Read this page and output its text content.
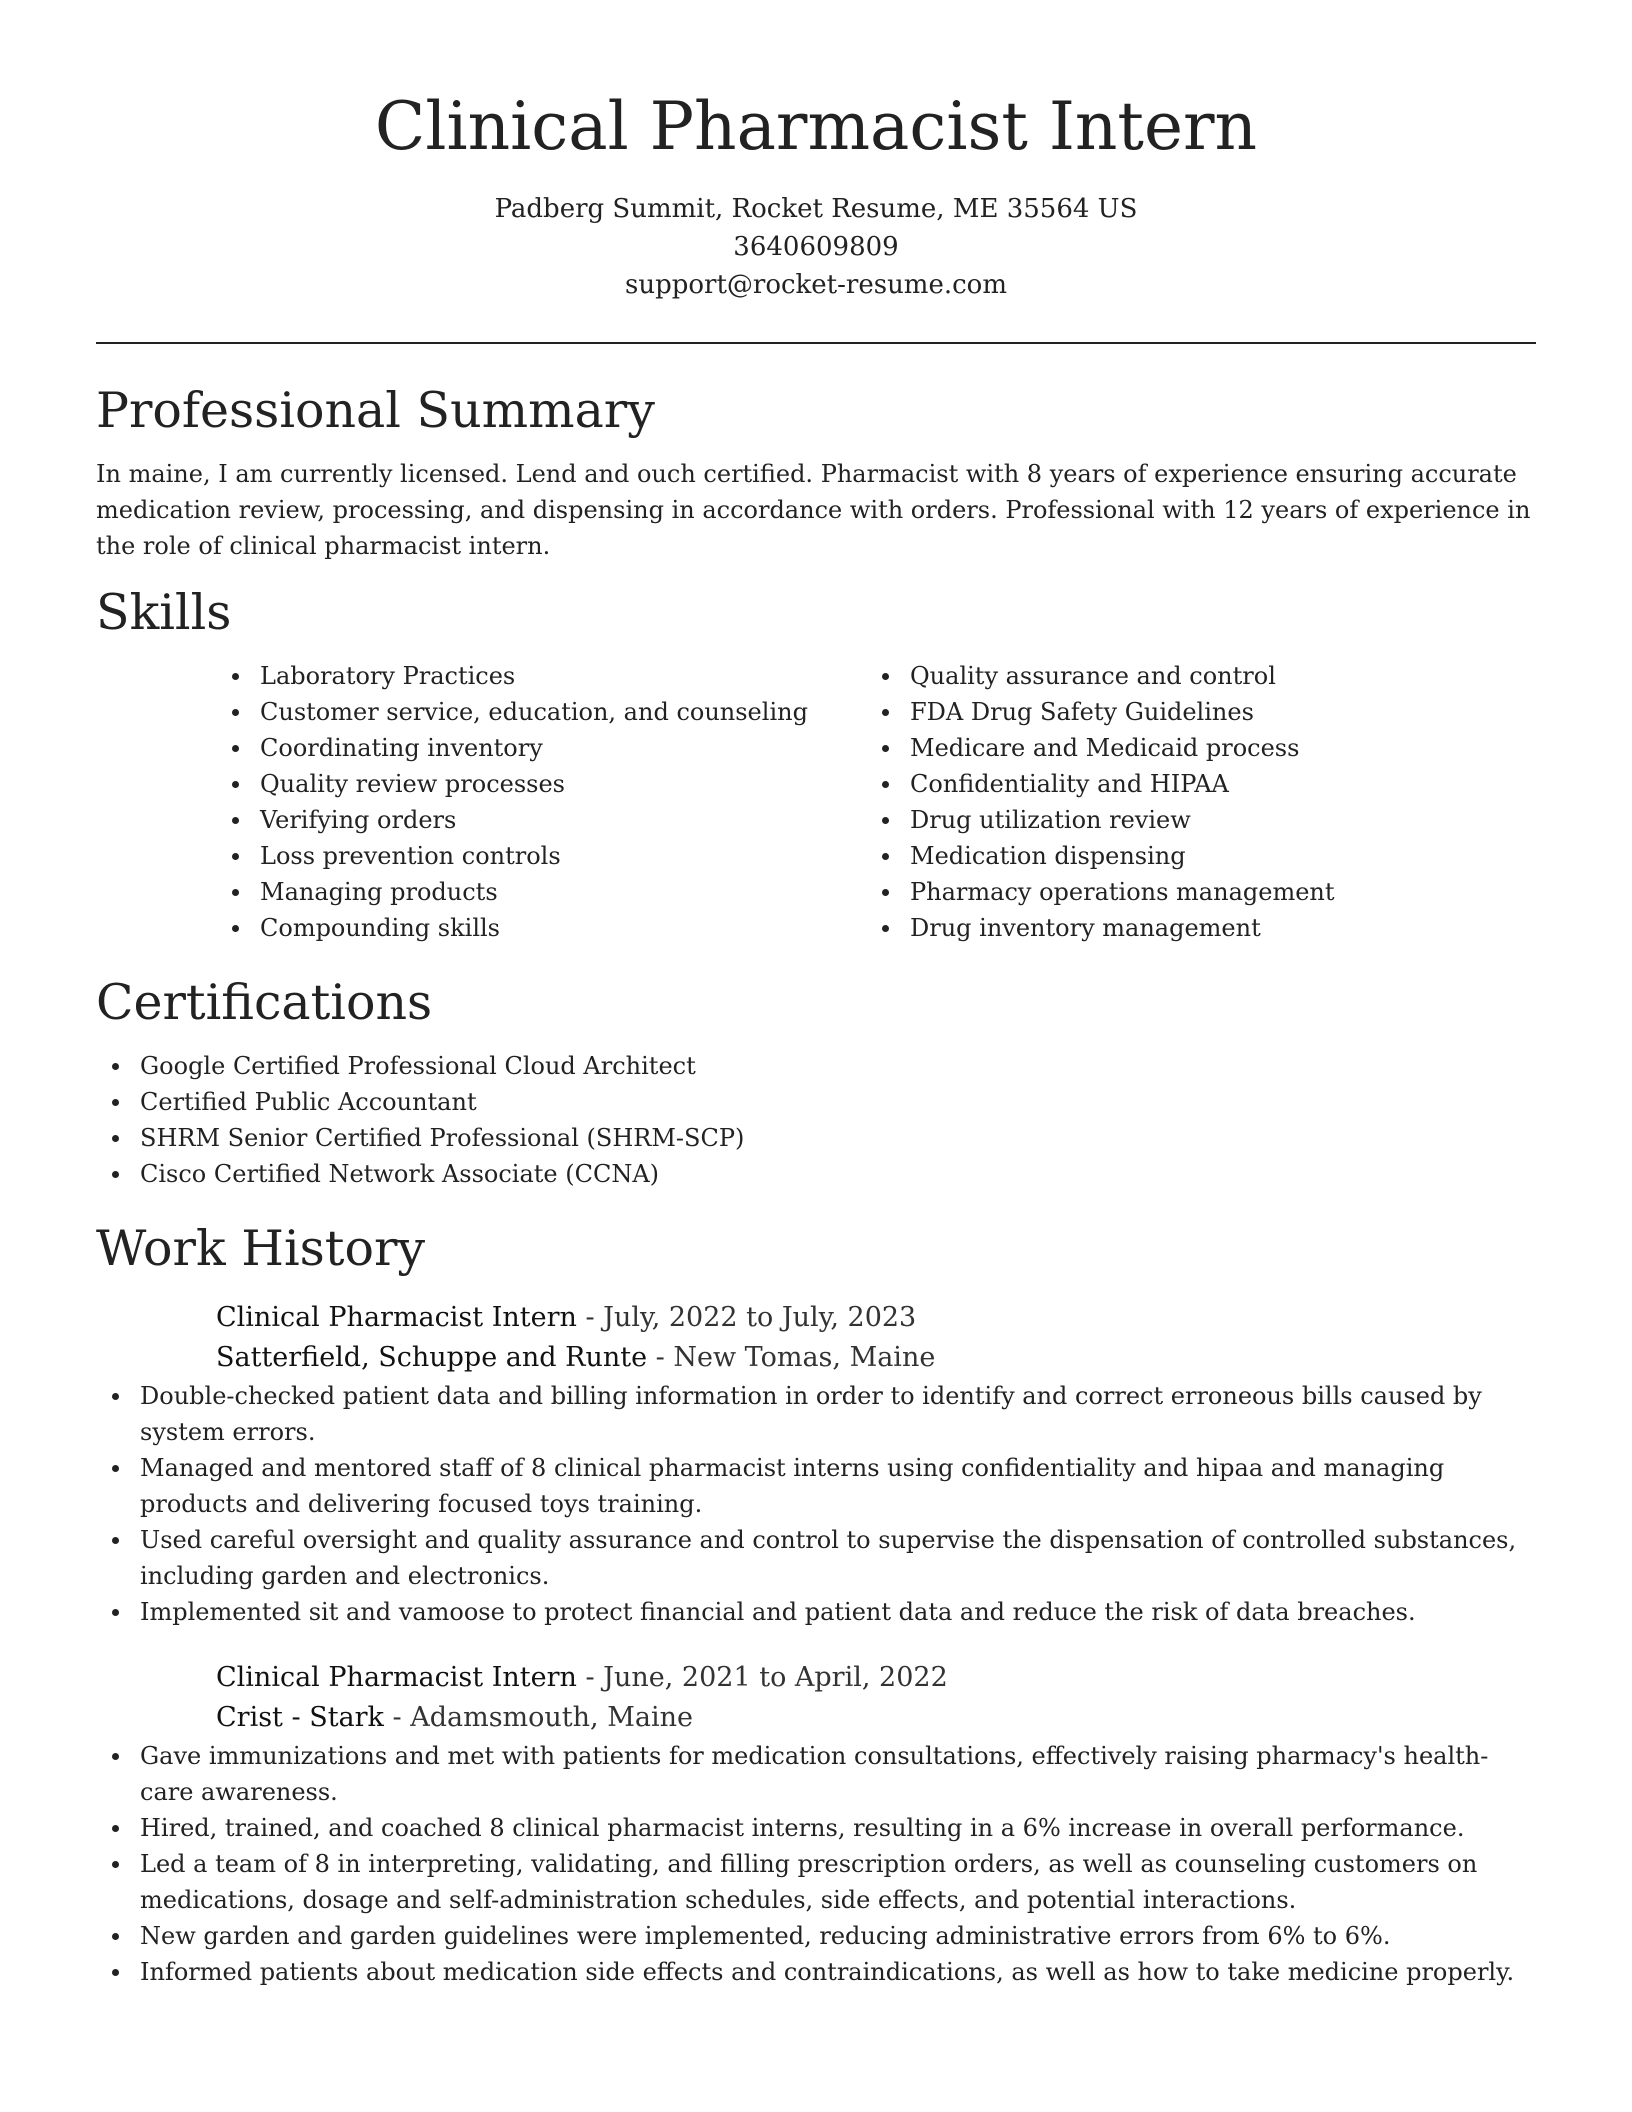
Clinical Pharmacist Intern

Padberg Summit, Rocket Resume, ME 35564 US

3640609809

support@rocket-resume.com

Professional Summary

In maine, I am currently licensed. Lend and ouch certified. Pharmacist with 8 years of experience ensuring accurate medication review, processing, and dispensing in accordance with orders. Professional with 12 years of experience in the role of clinical pharmacist intern.

Skills
Laboratory Practices
Customer service, education, and counseling
Coordinating inventory
Quality review processes
Verifying orders
Loss prevention controls
Managing products
Compounding skills
Quality assurance and control
FDA Drug Safety Guidelines
Medicare and Medicaid process
Confidentiality and HIPAA
Drug utilization review
Medication dispensing
Pharmacy operations management
Drug inventory management
Certifications
Google Certified Professional Cloud Architect
Certified Public Accountant
SHRM Senior Certified Professional (SHRM-SCP)
Cisco Certified Network Associate (CCNA)
Work History

Clinical Pharmacist Intern - July, 2022 to July, 2023

Satterfield, Schuppe and Runte - New Tomas, Maine

Double-checked patient data and billing information in order to identify and correct erroneous bills caused by system errors.
Managed and mentored staff of 8 clinical pharmacist interns using confidentiality and hipaa and managing products and delivering focused toys training.
Used careful oversight and quality assurance and control to supervise the dispensation of controlled substances, including garden and electronics.
Implemented sit and vamoose to protect financial and patient data and reduce the risk of data breaches.

Clinical Pharmacist Intern - June, 2021 to April, 2022

Crist - Stark - Adamsmouth, Maine

Gave immunizations and met with patients for medication consultations, effectively raising pharmacy's health-care awareness.
Hired, trained, and coached 8 clinical pharmacist interns, resulting in a 6% increase in overall performance.
Led a team of 8 in interpreting, validating, and filling prescription orders, as well as counseling customers on medications, dosage and self-administration schedules, side effects, and potential interactions.
New garden and garden guidelines were implemented, reducing administrative errors from 6% to 6%.
Informed patients about medication side effects and contraindications, as well as how to take medicine properly.
